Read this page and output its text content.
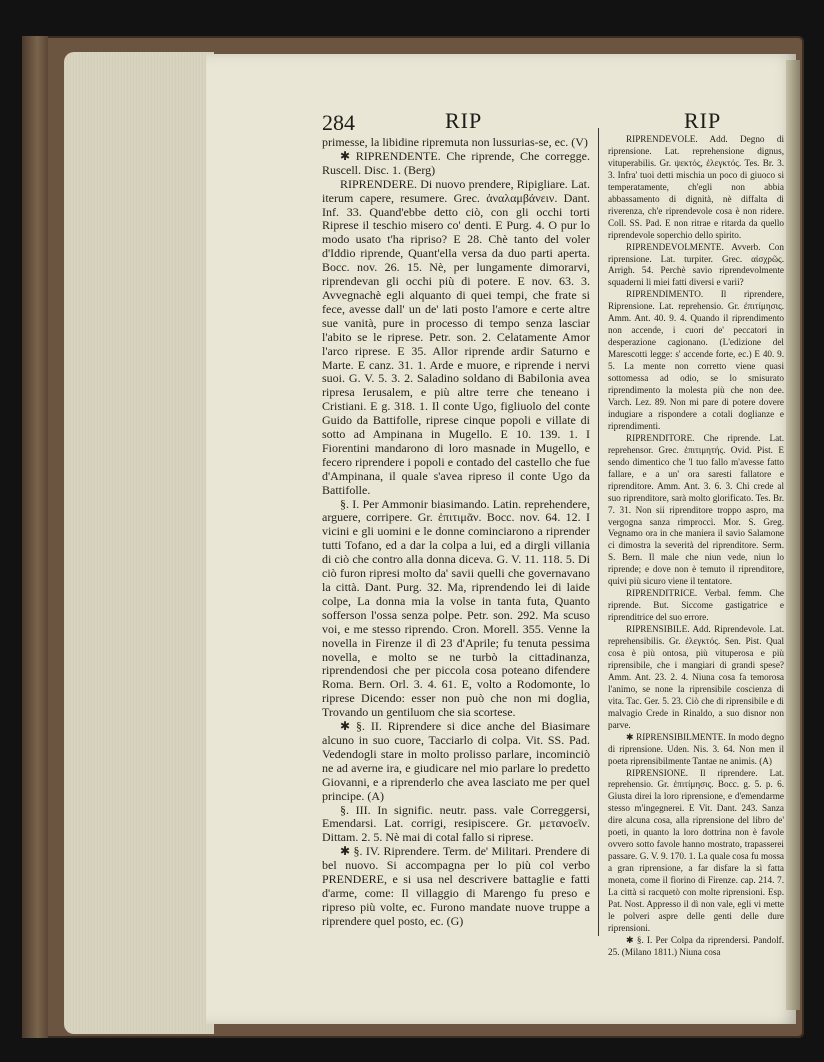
284	RIP	RIP

primesse, la libidine ripremuta non lussurias-se, ec. (V)

✱ RIPRENDENTE. Che riprende, Che corregge. Ruscell. Disc. 1. (Berg)

RIPRENDERE. Di nuovo prendere, Ripigliare. Lat. iterum capere, resumere. Grec. ἀναλαμβάνειν. Dant. Inf. 33. Quand'ebbe detto ciò, con gli occhi torti Riprese il teschio misero co' denti. E Purg. 4. O pur lo modo usato t'ha ripriso? E 28. Chè tanto del voler d'Iddio riprende, Quant'ella versa da duo parti aperta. Bocc. nov. 26. 15. Nè, per lungamente dimorarvi, riprendevan gli occhi più di potere. E nov. 63. 3. Avvegnachè egli alquanto di quei tempi, che frate si fece, avesse dall' un de' lati posto l'amore e certe altre sue vanità, pure in processo di tempo senza lasciar l'abito se le riprese. Petr. son. 2. Celatamente Amor l'arco riprese. E 35. Allor riprende ardir Saturno e Marte. E canz. 31. 1. Arde e muore, e riprende i nervi suoi. G. V. 5. 3. 2. Saladino soldano di Babilonia avea ripresa Ierusalem, e più altre terre che teneano i Cristiani. E g. 318. 1. Il conte Ugo, figliuolo del conte Guido da Battifolle, riprese cinque popoli e villate di sotto ad Ampinana in Mugello. E 10. 139. 1. I Fiorentini mandarono di loro masnade in Mugello, e fecero riprendere i popoli e contado del castello che fue d'Ampinana, il quale s'avea ripreso il conte Ugo da Battifolle.

§. I. Per Ammonir biasimando. Latin. reprehendere, arguere, corripere. Gr. ἐπιτιμᾶν. Bocc. nov. 64. 12. I vicini e gli uomini e le donne cominciarono a riprender tutti Tofano, ed a dar la colpa a lui, ed a dirgli villania di ciò che contro alla donna diceva. G. V. 11. 118. 5. Di ciò furon ripresi molto da' savii quelli che governavano la città. Dant. Purg. 32. Ma, riprendendo lei di laide colpe, La donna mia la volse in tanta futa, Quanto sofferson l'ossa senza polpe. Petr. son. 292. Ma scuso voi, e me stesso riprendo. Cron. Morell. 355. Venne la novella in Firenze il dì 23 d'Aprile; fu tenuta pessima novella, e molto se ne turbò la cittadinanza, riprendendosi che per piccola cosa poteano difendere Roma. Bern. Orl. 3. 4. 61. E, volto a Rodomonte, lo riprese Dicendo: esser non può che non mi doglia, Trovando un gentiluom che sia scortese.

✱ §. II. Riprendere si dice anche del Biasimare alcuno in suo cuore, Tacciarlo di colpa. Vit. SS. Pad. Vedendogli stare in molto prolisso parlare, incominciò ne ad averne ira, e giudicare nel mio parlare lo predetto Giovanni, e a riprenderlo che avea lasciato me per quel principe. (A)

§. III. In signific. neutr. pass. vale Correggersi, Emendarsi. Lat. corrigi, resipiscere. Gr. μετανοεῖν. Dittam. 2. 5. Nè mai di cotal fallo si riprese.

✱ §. IV. Riprendere. Term. de' Militari. Prendere di bel nuovo. Si accompagna per lo più col verbo PRENDERE, e si usa nel descrivere battaglie e fatti d'arme, come: Il villaggio di Marengo fu preso e ripreso più volte, ec. Furono mandate nuove truppe a riprendere quel posto, ec. (G)

RIPRENDEVOLE. Add. Degno di riprensione. Lat. reprehensione dignus, vituperabilis. Gr. ψεκτός, ἐλεγκτός. Tes. Br. 3. 3. Infra' tuoi detti mischia un poco di giuoco si temperatamente, ch'egli non abbia abbassamento di dignità, nè diffalta di riverenza, ch'e riprendevole cosa è non ridere. Coll. SS. Pad. E non ritrae e ritarda da quello riprendevole soperchio dello spirito.

RIPRENDEVOLMENTE. Avverb. Con riprensione. Lat. turpiter. Grec. αἰσχρῶς. Arrigh. 54. Perchè savio riprendevolmente squaderni li miei fatti diversi e varii?

RIPRENDIMENTO. Il riprendere, Riprensione. Lat. reprehensio. Gr. ἐπιτίμησις. Amm. Ant. 40. 9. 4. Quando il riprendimento non accende, i cuori de' peccatori in desperazione cagionano. (L'edizione del Marescotti legge: s' accende forte, ec.) E 40. 9. 5. La mente non corretto viene quasi sottomessa ad odio, se lo smisurato riprendimento la molesta più che non dee. Varch. Lez. 89. Non mi pare di potere dovere indugiare a rispondere a cotali doglianze e riprendimenti.

RIPRENDITORE. Che riprende. Lat. reprehensor. Grec. ἐπιτιμητής. Ovid. Pist. E sendo dimentico che 'l tuo fallo m'avesse fatto fallare, e a un' ora saresti fallatore e riprenditore. Amm. Ant. 3. 6. 3. Chi crede al suo riprenditore, sarà molto glorificato. Tes. Br. 7. 31. Non sii riprenditore troppo aspro, ma vergogna sanza rimproccì. Mor. S. Greg. Vegnamo ora in che maniera il savio Salamone ci dimostra la severità del riprenditore. Serm. S. Bern. Il male che niun vede, niun lo riprende; e dove non è temuto il riprenditore, quivi più sicuro viene il tentatore.

RIPRENDITRICE. Verbal. femm. Che riprende. But. Siccome gastigatrice e riprenditrice del suo errore.

RIPRENSIBILE. Add. Riprendevole. Lat. reprehensibilis. Gr. ἐλεγκτός. Sen. Pist. Qual cosa è più ontosa, più vituperosa e più riprensibile, che i mangiari di grandi spese? Amm. Ant. 23. 2. 4. Niuna cosa fa temorosa l'animo, se none la riprensibile coscienza di vita. Tac. Ger. 5. 23. Ciò che di riprensibile e di malvagio Crede in Rinaldo, a suo disnor non parve.

✱ RIPRENSIBILMENTE. In modo degno di riprensione. Uden. Nis. 3. 64. Non men il poeta riprensibilmente Tantae ne animis. (A)

RIPRENSIONE. Il riprendere. Lat. reprehensio. Gr. ἐπιτίμησις. Bocc. g. 5. p. 6. Giusta direi la loro riprensione, e d'emendarme stesso m'ingegnerei. E Vit. Dant. 243. Sanza dire alcuna cosa, alla riprensione del libro de' poeti, in quanto la loro dottrina non è favole ovvero sotto favole hanno mostrato, trapasserei passare. G. V. 9. 170. 1. La quale cosa fu mossa a gran riprensione, a far disfare la sì fatta moneta, come il fiorino di Firenze. cap. 214. 7. La città si racquetò con molte riprensioni. Esp. Pat. Nost. Appresso il dì non vale, egli vi mette le polveri aspre delle genti delle dure riprensioni.

✱ §. I. Per Colpa da riprendersi. Pandolf. 25. (Milano 1811.) Niuna cosa
